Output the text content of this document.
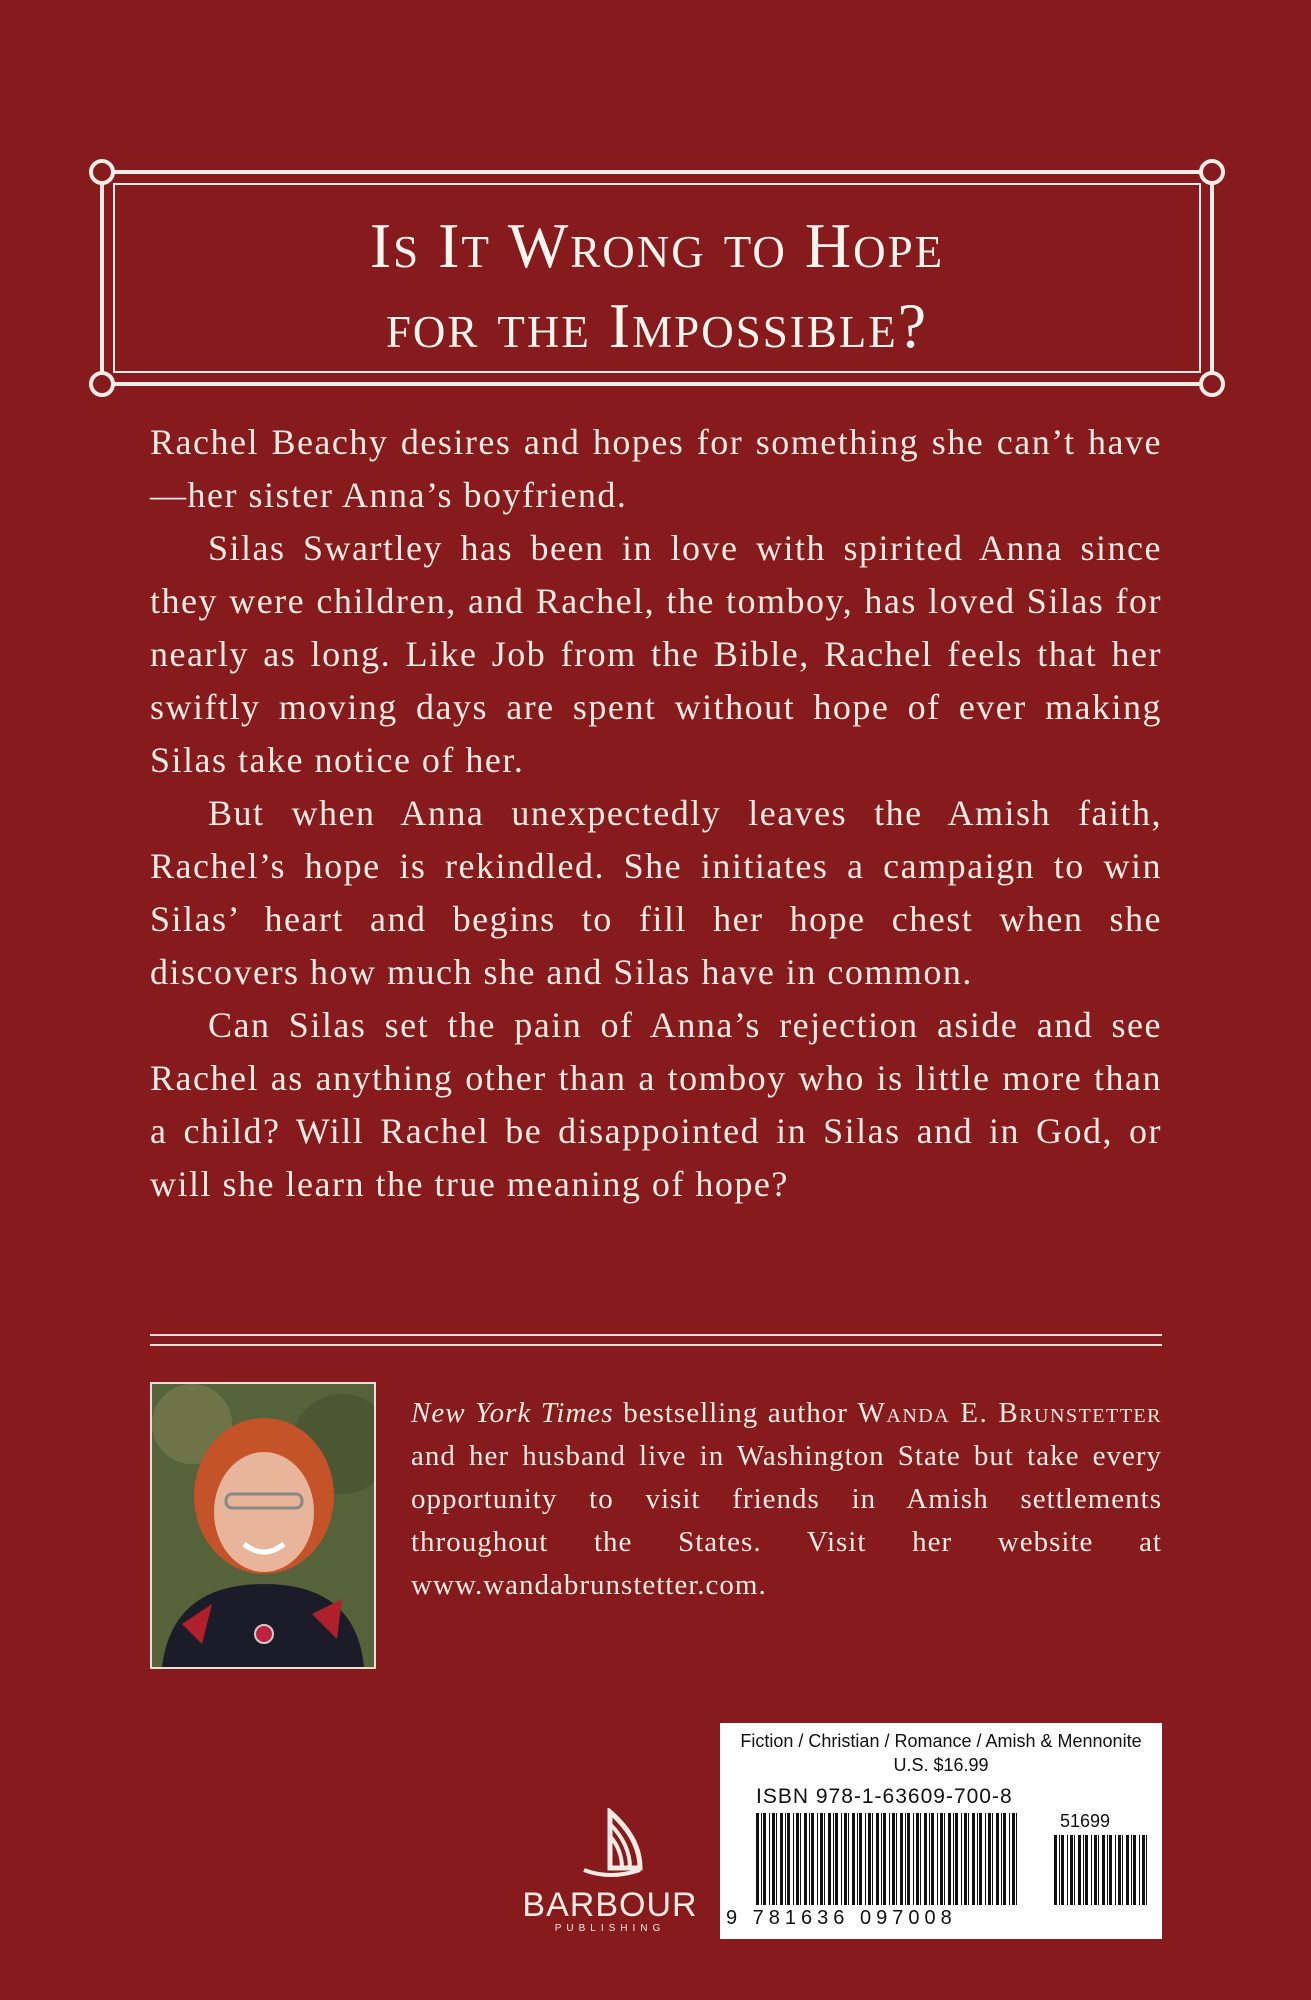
Is It Wrong to Hope
for the Impossible?

Rachel Beachy desires and hopes for something she can’t have—her sister Anna’s boyfriend.

Silas Swartley has been in love with spirited Anna since they were children, and Rachel, the tomboy, has loved Silas for nearly as long. Like Job from the Bible, Rachel feels that her swiftly moving days are spent without hope of ever making Silas take notice of her.

But when Anna unexpectedly leaves the Amish faith, Rachel’s hope is rekindled. She initiates a campaign to win Silas’ heart and begins to fill her hope chest when she discovers how much she and Silas have in common.

Can Silas set the pain of Anna’s rejection aside and see Rachel as anything other than a tomboy who is little more than a child? Will Rachel be disappointed in Silas and in God, or will she learn the true meaning of hope?

New York Times bestselling author Wanda E. Brunstetter and her husband live in Washington State but take every opportunity to visit friends in Amish settlements throughout the States. Visit her website at www.wandabrunstetter.com.
BARBOUR
PUBLISHING
Fiction / Christian / Romance / Amish & Mennonite
U.S. $16.99
ISBN 978-1-63609-700-8
51699
9 781636 097008
